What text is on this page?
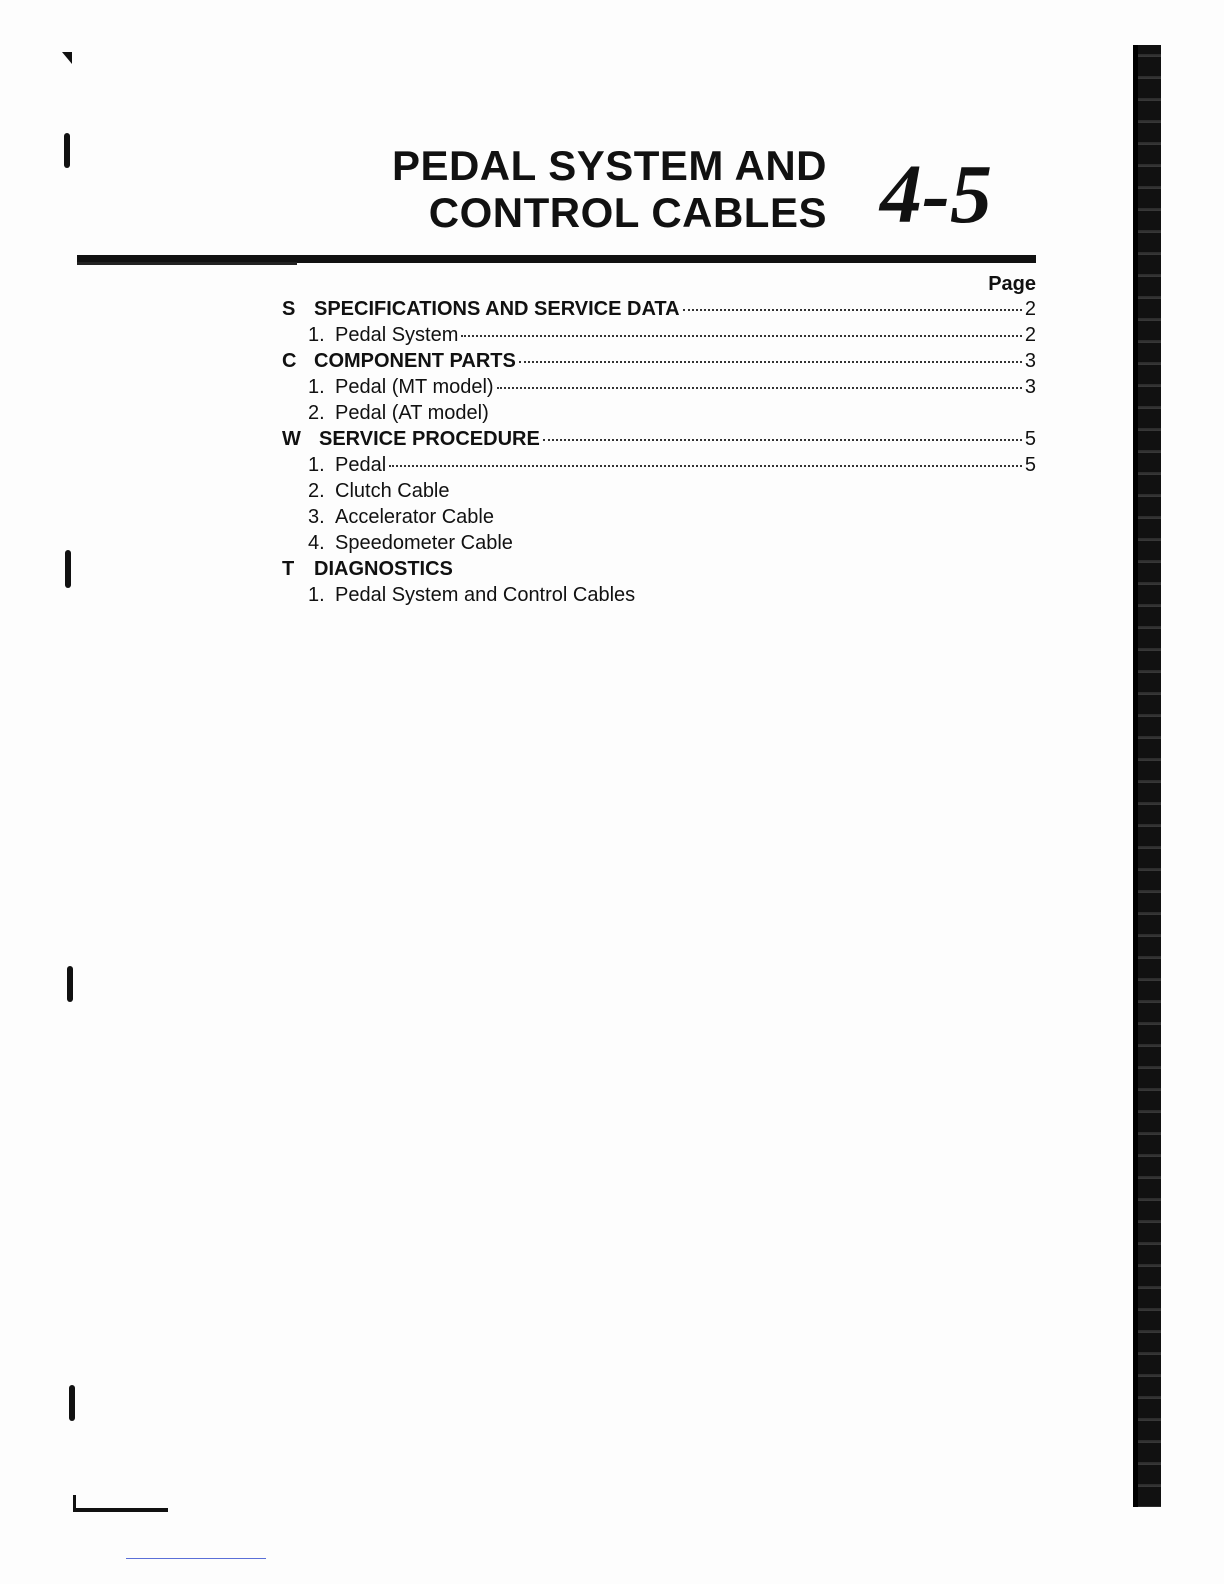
PEDAL SYSTEM AND
CONTROL CABLES 4-5
Page
S SPECIFICATIONS AND SERVICE DATA	2
1. Pedal System	2
C COMPONENT PARTS	3
1. Pedal (MT model)	3
2. Pedal (AT model)
W SERVICE PROCEDURE	5
1. Pedal	5
2. Clutch Cable
3. Accelerator Cable
4. Speedometer Cable
T DIAGNOSTICS
1. Pedal System and Control Cables
